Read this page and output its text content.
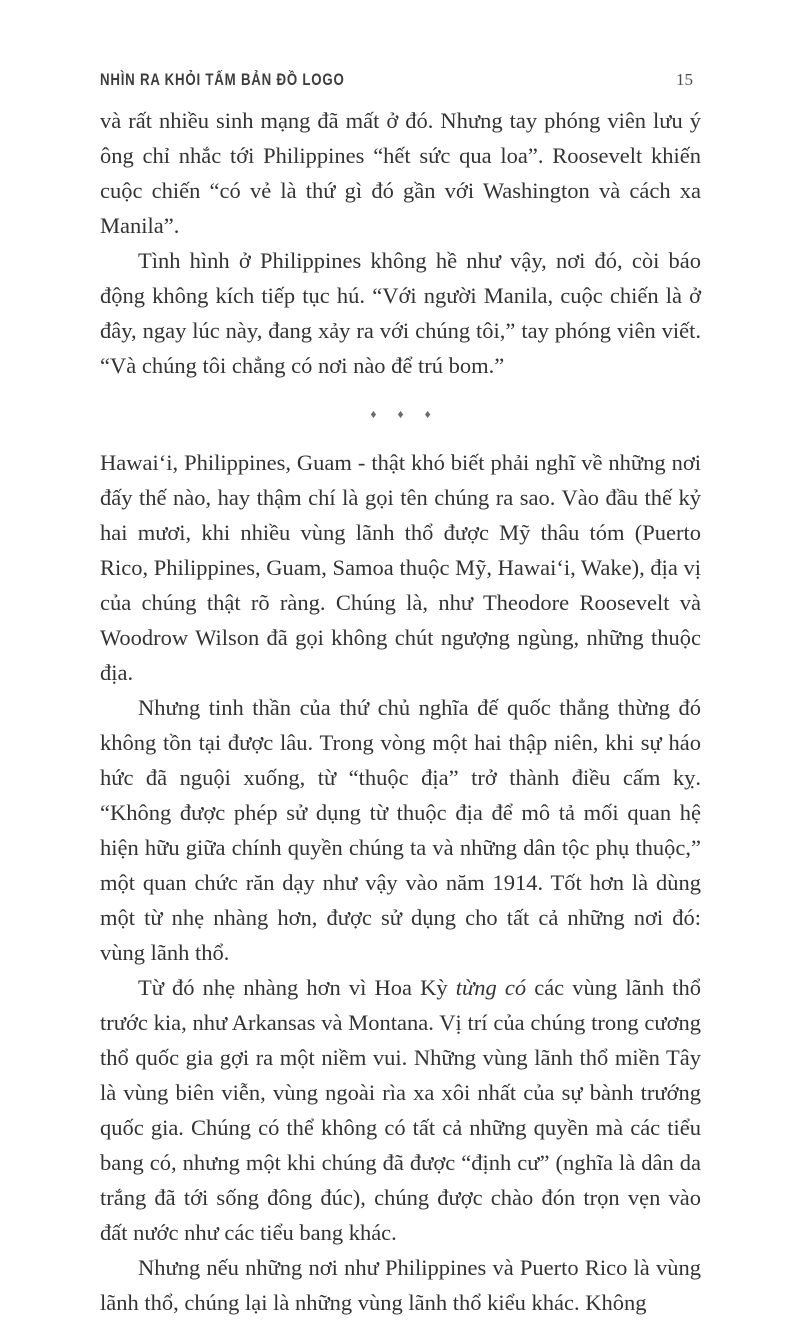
NHÌN RA KHỎI TẤM BẢN ĐỒ LOGO	15

và rất nhiều sinh mạng đã mất ở đó. Nhưng tay phóng viên lưu ý ông chỉ nhắc tới Philippines “hết sức qua loa”. Roosevelt khiến cuộc chiến “có vẻ là thứ gì đó gần với Washington và cách xa Manila”.

Tình hình ở Philippines không hề như vậy, nơi đó, còi báo động không kích tiếp tục hú. “Với người Manila, cuộc chiến là ở đây, ngay lúc này, đang xảy ra với chúng tôi,” tay phóng viên viết. “Và chúng tôi chẳng có nơi nào để trú bom.”

♦ ♦ ♦

Hawaiʻi, Philippines, Guam - thật khó biết phải nghĩ về những nơi đấy thế nào, hay thậm chí là gọi tên chúng ra sao. Vào đầu thế kỷ hai mươi, khi nhiều vùng lãnh thổ được Mỹ thâu tóm (Puerto Rico, Philippines, Guam, Samoa thuộc Mỹ, Hawaiʻi, Wake), địa vị của chúng thật rõ ràng. Chúng là, như Theodore Roosevelt và Woodrow Wilson đã gọi không chút ngượng ngùng, những thuộc địa.

Nhưng tinh thần của thứ chủ nghĩa đế quốc thẳng thừng đó không tồn tại được lâu. Trong vòng một hai thập niên, khi sự háo hức đã nguội xuống, từ “thuộc địa” trở thành điều cấm kỵ. “Không được phép sử dụng từ thuộc địa để mô tả mối quan hệ hiện hữu giữa chính quyền chúng ta và những dân tộc phụ thuộc,” một quan chức răn dạy như vậy vào năm 1914. Tốt hơn là dùng một từ nhẹ nhàng hơn, được sử dụng cho tất cả những nơi đó: vùng lãnh thổ.

Từ đó nhẹ nhàng hơn vì Hoa Kỳ từng có các vùng lãnh thổ trước kia, như Arkansas và Montana. Vị trí của chúng trong cương thổ quốc gia gợi ra một niềm vui. Những vùng lãnh thổ miền Tây là vùng biên viễn, vùng ngoài rìa xa xôi nhất của sự bành trướng quốc gia. Chúng có thể không có tất cả những quyền mà các tiểu bang có, nhưng một khi chúng đã được “định cư” (nghĩa là dân da trắng đã tới sống đông đúc), chúng được chào đón trọn vẹn vào đất nước như các tiểu bang khác.

Nhưng nếu những nơi như Philippines và Puerto Rico là vùng lãnh thổ, chúng lại là những vùng lãnh thổ kiểu khác. Không
